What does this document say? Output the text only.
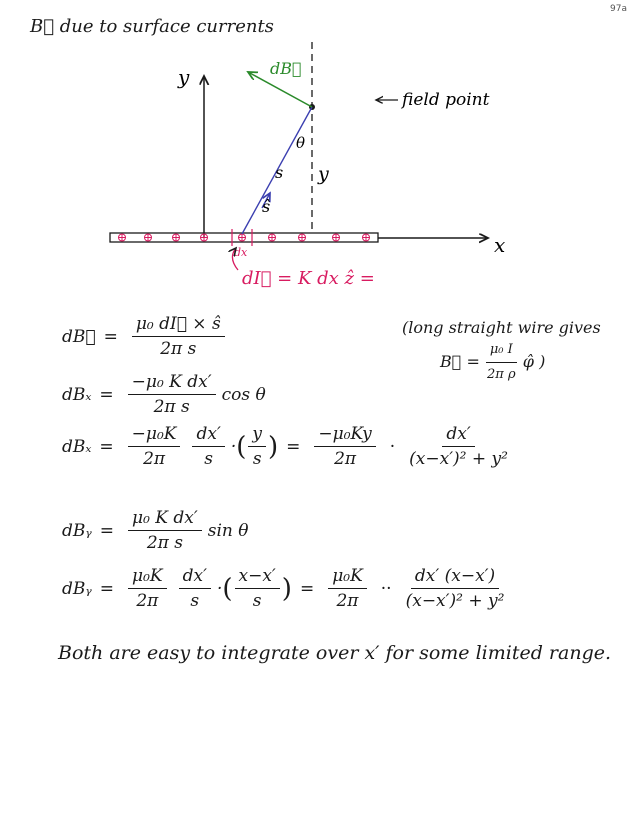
97a
B⃗ due to surface currents
y
x
dx
s
ŝ
θ
y
dB⃗
field point
dI⃗ = K dx ẑ =
dB⃗ = $\frac{\text{μ₀ dI⃗ × ŝ}}{\text{2π s}}$	(long straight wire gives
B⃗ = $\frac{\text{μ₀ I}}{\text{2π ρ}}$ φ̂ )
$dB_x = \frac{\text{−μ₀ K dx′}}{\text{2π s}}$ cos θ
$dB_x = \frac{\text{−μ₀K}}{2\pi} \frac{dx'}{s}$ · ( $\frac{y}{s}$ ) = $\frac{\text{−μ₀Ky}}{2\pi} \cdot \frac{dx'}{\text{(x−x′)² + y²}}$
dBᵧ = $\frac{\text{μ₀ K dx′}}{\text{2π s}}$ sin θ
dBᵧ = $\frac{\text{μ₀K}}{2\pi} \frac{dx'}{s}$ · ( $\frac{x-x'}{s}$ ) = $\frac{\text{μ₀K}}{2\pi} \cdot\cdot \frac{dx' (x-x')}{\text{(x−x′)² + y²}}$
Both are easy to integrate over x′ for some limited range.
